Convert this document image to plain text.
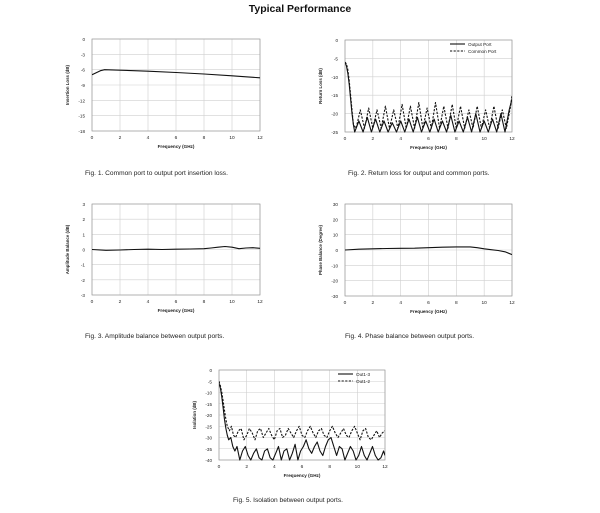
Typical Performance
0
-3
-6
-9
-12
-15
-18
0	2	4	6	8	10	12
Frequency (GHz)
Insertion Loss (dB)
0
-5
-10
-15
-20
-25
0	2	4	6	8	10	12
Frequency (GHz)
Return Loss (dB)
Output Port
Common Port
3
2
1
0
-1
-2
-3
0	2	4	6	8	10	12
Frequency (GHz)
Amplitude Balance (dB)
30
20
10
0
-10
-20
-30
0	2	4	6	8	10	12
Frequency (GHz)
Phase Balance (Degree)
0
-5
-10
-15
-20
-25
-30
-35
-40
0	2	4	6	8	10	12
Frequency (GHz)
Isolation (dB)
Out1-3
Out1-2
Fig. 1. Common port to output port insertion loss.	Fig. 2. Return loss for output and common ports.
Fig. 3. Amplitude balance between output ports.	Fig. 4. Phase balance between output ports.
Fig. 5. Isolation between output ports.
